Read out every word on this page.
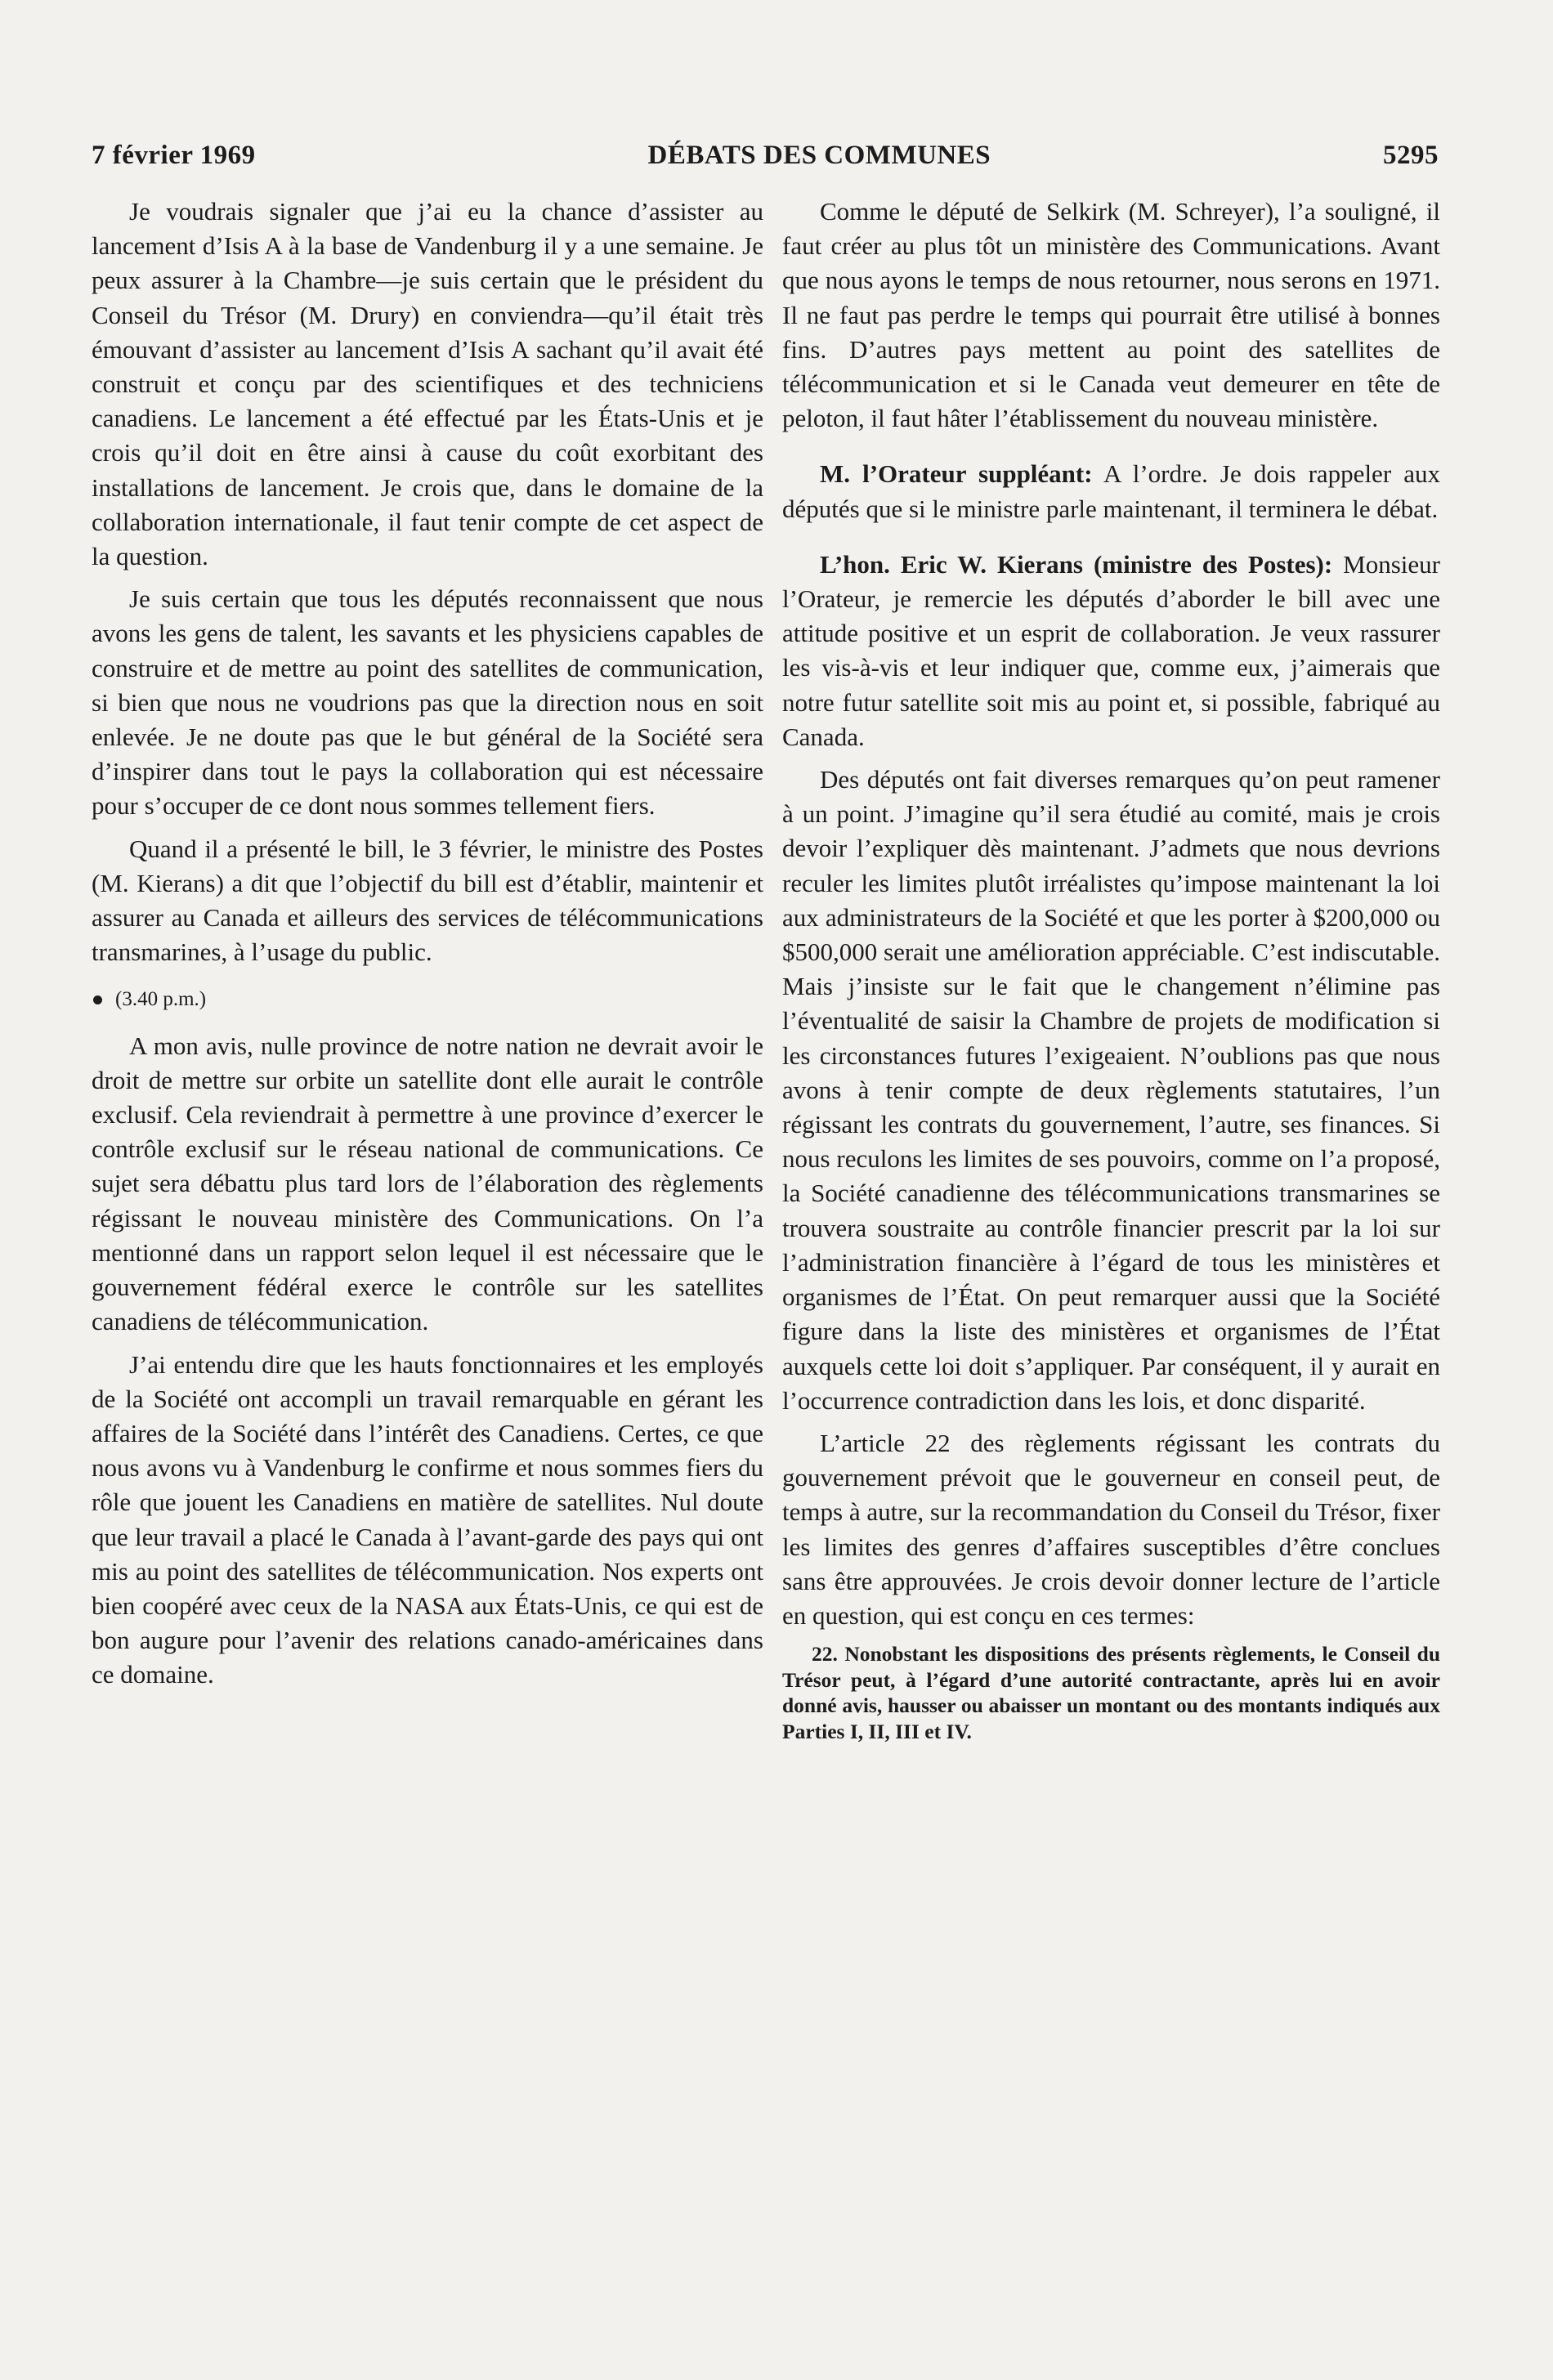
7 février 1969	DÉBATS DES COMMUNES	5295

Je voudrais signaler que j’ai eu la chance d’assister au lancement d’Isis A à la base de Vandenburg il y a une semaine. Je peux assurer à la Chambre—je suis certain que le président du Conseil du Trésor (M. Drury) en conviendra—qu’il était très émouvant d’assister au lancement d’Isis A sachant qu’il avait été construit et conçu par des scientifiques et des techniciens canadiens. Le lancement a été effectué par les États-Unis et je crois qu’il doit en être ainsi à cause du coût exorbitant des installations de lancement. Je crois que, dans le domaine de la collaboration internationale, il faut tenir compte de cet aspect de la question.

Je suis certain que tous les députés reconnaissent que nous avons les gens de talent, les savants et les physiciens capables de construire et de mettre au point des satellites de communication, si bien que nous ne voudrions pas que la direction nous en soit enlevée. Je ne doute pas que le but général de la Société sera d’inspirer dans tout le pays la collaboration qui est nécessaire pour s’occuper de ce dont nous sommes tellement fiers.

Quand il a présenté le bill, le 3 février, le ministre des Postes (M. Kierans) a dit que l’objectif du bill est d’établir, maintenir et assurer au Canada et ailleurs des services de télécommunications transmarines, à l’usage du public.

(3.40 p.m.)

A mon avis, nulle province de notre nation ne devrait avoir le droit de mettre sur orbite un satellite dont elle aurait le contrôle exclusif. Cela reviendrait à permettre à une province d’exercer le contrôle exclusif sur le réseau national de communications. Ce sujet sera débattu plus tard lors de l’élaboration des règlements régissant le nouveau ministère des Communications. On l’a mentionné dans un rapport selon lequel il est nécessaire que le gouvernement fédéral exerce le contrôle sur les satellites canadiens de télécommunication.

J’ai entendu dire que les hauts fonctionnaires et les employés de la Société ont accompli un travail remarquable en gérant les affaires de la Société dans l’intérêt des Canadiens. Certes, ce que nous avons vu à Vandenburg le confirme et nous sommes fiers du rôle que jouent les Canadiens en matière de satellites. Nul doute que leur travail a placé le Canada à l’avant-garde des pays qui ont mis au point des satellites de télécommunication. Nos experts ont bien coopéré avec ceux de la NASA aux États-Unis, ce qui est de bon augure pour l’avenir des relations canado-américaines dans ce domaine.

Comme le député de Selkirk (M. Schreyer), l’a souligné, il faut créer au plus tôt un ministère des Communications. Avant que nous ayons le temps de nous retourner, nous serons en 1971. Il ne faut pas perdre le temps qui pourrait être utilisé à bonnes fins. D’autres pays mettent au point des satellites de télécommunication et si le Canada veut demeurer en tête de peloton, il faut hâter l’établissement du nouveau ministère.

M. l’Orateur suppléant: A l’ordre. Je dois rappeler aux députés que si le ministre parle maintenant, il terminera le débat.

L’hon. Eric W. Kierans (ministre des Postes): Monsieur l’Orateur, je remercie les députés d’aborder le bill avec une attitude positive et un esprit de collaboration. Je veux rassurer les vis-à-vis et leur indiquer que, comme eux, j’aimerais que notre futur satellite soit mis au point et, si possible, fabriqué au Canada.

Des députés ont fait diverses remarques qu’on peut ramener à un point. J’imagine qu’il sera étudié au comité, mais je crois devoir l’expliquer dès maintenant. J’admets que nous devrions reculer les limites plutôt irréalistes qu’impose maintenant la loi aux administrateurs de la Société et que les porter à $200,000 ou $500,000 serait une amélioration appréciable. C’est indiscutable. Mais j’insiste sur le fait que le changement n’élimine pas l’éventualité de saisir la Chambre de projets de modification si les circonstances futures l’exigeaient. N’oublions pas que nous avons à tenir compte de deux règlements statutaires, l’un régissant les contrats du gouvernement, l’autre, ses finances. Si nous reculons les limites de ses pouvoirs, comme on l’a proposé, la Société canadienne des télécommunications transmarines se trouvera soustraite au contrôle financier prescrit par la loi sur l’administration financière à l’égard de tous les ministères et organismes de l’État. On peut remarquer aussi que la Société figure dans la liste des ministères et organismes de l’État auxquels cette loi doit s’appliquer. Par conséquent, il y aurait en l’occurrence contradiction dans les lois, et donc disparité.

L’article 22 des règlements régissant les contrats du gouvernement prévoit que le gouverneur en conseil peut, de temps à autre, sur la recommandation du Conseil du Trésor, fixer les limites des genres d’affaires susceptibles d’être conclues sans être approuvées. Je crois devoir donner lecture de l’article en question, qui est conçu en ces termes:

22. Nonobstant les dispositions des présents règlements, le Conseil du Trésor peut, à l’égard d’une autorité contractante, après lui en avoir donné avis, hausser ou abaisser un montant ou des montants indiqués aux Parties I, II, III et IV.
